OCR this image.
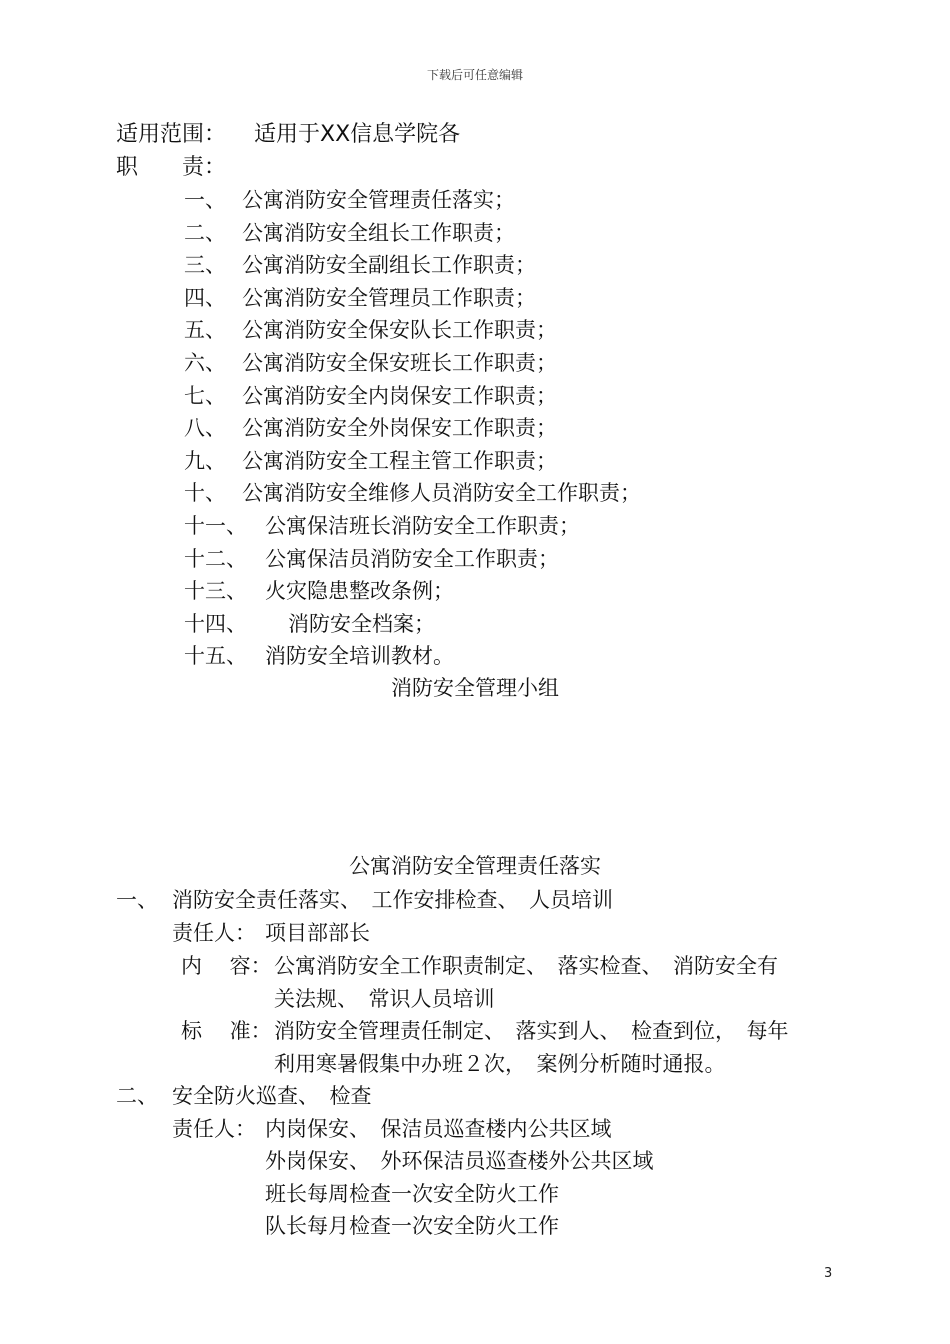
下载后可任意编辑
适用范围： 适用于XX信息学院各
职　　责：
一、 公寓消防安全管理责任落实；
二、 公寓消防安全组长工作职责；
三、 公寓消防安全副组长工作职责；
四、 公寓消防安全管理员工作职责；
五、 公寓消防安全保安队长工作职责；
六、 公寓消防安全保安班长工作职责；
七、 公寓消防安全内岗保安工作职责；
八、 公寓消防安全外岗保安工作职责；
九、 公寓消防安全工程主管工作职责；
十、 公寓消防安全维修人员消防安全工作职责；
十一、 公寓保洁班长消防安全工作职责；
十二、 公寓保洁员消防安全工作职责；
十三、 火灾隐患整改条例；
十四、 消防安全档案；
十五、 消防安全培训教材。
消防安全管理小组
公寓消防安全管理责任落实
一、 消防安全责任落实、　工作安排检查、　人员培训
责任人： 项目部部长
内　 容： 公寓消防安全工作职责制定、　落实检查、　消防安全有
关法规、　常识人员培训
标　 准： 消防安全管理责任制定、　落实到人、　检查到位，　每年
利用寒暑假集中办班２次，　案例分析随时通报。
二、 安全防火巡查、　检查
责任人： 内岗保安、　保洁员巡查楼内公共区域
外岗保安、　外环保洁员巡查楼外公共区域
班长每周检查一次安全防火工作
队长每月检查一次安全防火工作
3
